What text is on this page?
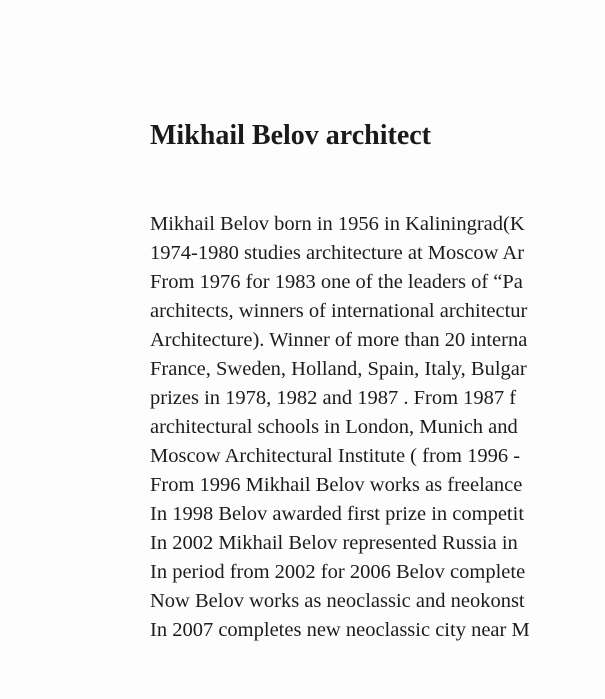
Mikhail Belov architect
Mikhail Belov born in 1956 in Kaliningrad(K
1974-1980 studies architecture at Moscow Ar
From 1976 for 1983 one of the leaders of “Pa
architects, winners of international architectur
Architecture). Winner of more than 20 interna
France, Sweden, Holland, Spain, Italy, Bulgar
prizes in 1978, 1982 and 1987 . From 1987 f
architectural schools in London, Munich and
Moscow Architectural Institute ( from 1996 -
From 1996 Mikhail Belov works as freelance
In 1998 Belov awarded first prize in competit
In 2002 Mikhail Belov represented Russia in
In period from 2002 for 2006 Belov complete
Now Belov works as neoclassic and neokonst
In 2007 completes new neoclassic city near M
